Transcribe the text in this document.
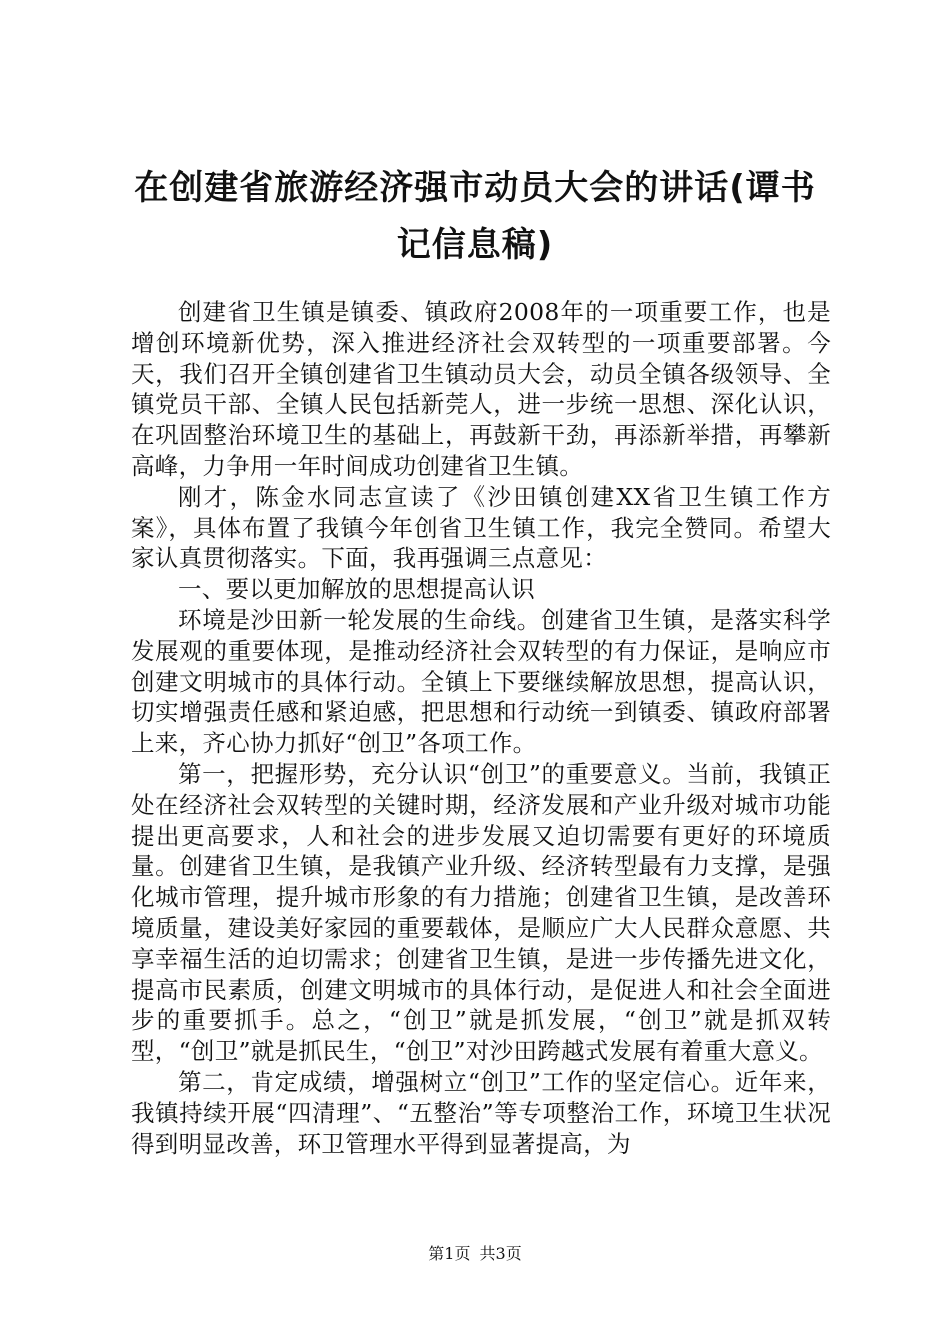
在创建省旅游经济强市动员大会的讲话(谭书记信息稿)

创建省卫生镇是镇委、镇政府2008年的一项重要工作，也是增创环境新优势，深入推进经济社会双转型的一项重要部署。今天，我们召开全镇创建省卫生镇动员大会，动员全镇各级领导、全镇党员干部、全镇人民包括新莞人，进一步统一思想、深化认识，在巩固整治环境卫生的基础上，再鼓新干劲，再添新举措，再攀新高峰，力争用一年时间成功创建省卫生镇。

刚才，陈金水同志宣读了《沙田镇创建XX省卫生镇工作方案》，具体布置了我镇今年创省卫生镇工作，我完全赞同。希望大家认真贯彻落实。下面，我再强调三点意见：

一、要以更加解放的思想提高认识

环境是沙田新一轮发展的生命线。创建省卫生镇，是落实科学发展观的重要体现，是推动经济社会双转型的有力保证，是响应市创建文明城市的具体行动。全镇上下要继续解放思想，提高认识，切实增强责任感和紧迫感，把思想和行动统一到镇委、镇政府部署上来，齐心协力抓好“创卫”各项工作。

第一，把握形势，充分认识“创卫”的重要意义。当前，我镇正处在经济社会双转型的关键时期，经济发展和产业升级对城市功能提出更高要求，人和社会的进步发展又迫切需要有更好的环境质量。创建省卫生镇，是我镇产业升级、经济转型最有力支撑，是强化城市管理，提升城市形象的有力措施；创建省卫生镇，是改善环境质量，建设美好家园的重要载体，是顺应广大人民群众意愿、共享幸福生活的迫切需求；创建省卫生镇，是进一步传播先进文化，提高市民素质，创建文明城市的具体行动，是促进人和社会全面进步的重要抓手。总之，“创卫”就是抓发展，“创卫”就是抓双转型，“创卫”就是抓民生，“创卫”对沙田跨越式发展有着重大意义。

第二，肯定成绩，增强树立“创卫”工作的坚定信心。近年来，我镇持续开展“四清理”、“五整治”等专项整治工作，环境卫生状况得到明显改善，环卫管理水平得到显著提高，为

第1页 共3页
